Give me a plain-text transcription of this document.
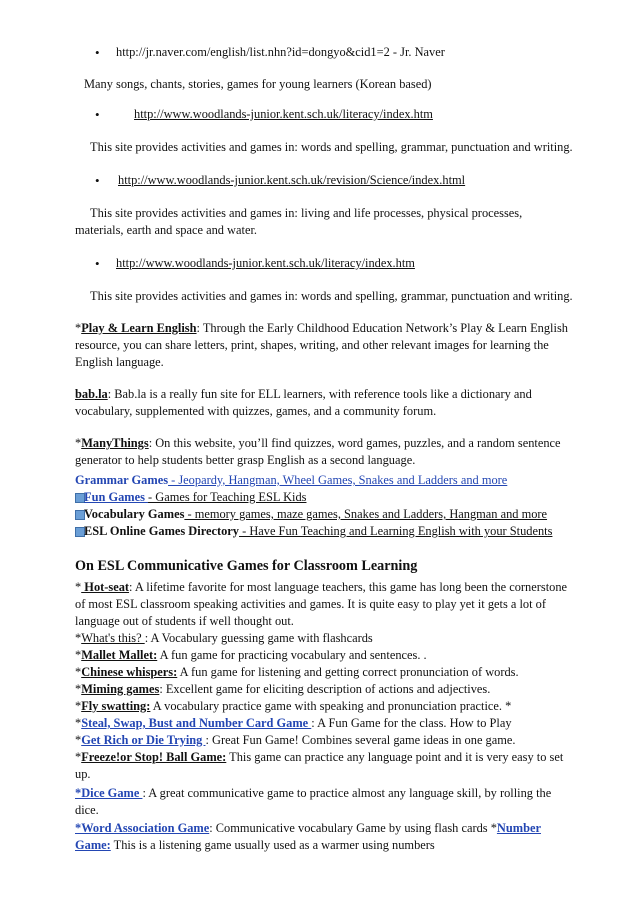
• http://jr.naver.com/english/list.nhn?id=dongyo&cid1=2 - Jr. Naver
Many songs, chants, stories, games for young learners (Korean based)
•	http://www.woodlands-junior.kent.sch.uk/literacy/index.htm
This site provides activities and games in: words and spelling, grammar, punctuation and writing.
• http://www.woodlands-junior.kent.sch.uk/revision/Science/index.html
This site provides activities and games in: living and life processes, physical processes,
materials, earth and space and water.
• http://www.woodlands-junior.kent.sch.uk/literacy/index.htm
This site provides activities and games in: words and spelling, grammar, punctuation and writing.
*Play & Learn English: Through the Early Childhood Education Network’s Play & Learn English
resource, you can share letters, print, shapes, writing, and other relevant images for learning the
English language.
bab.la: Bab.la is a really fun site for ELL learners, with reference tools like a dictionary and
vocabulary, supplemented with quizzes, games, and a community forum.
*ManyThings: On this website, you’ll find quizzes, word games, puzzles, and a random sentence
generator to help students better grasp English as a second language.
Grammar Games - Jeopardy, Hangman, Wheel Games, Snakes and Ladders and more
Fun Games - Games for Teaching ESL Kids
Vocabulary Games - memory games, maze games, Snakes and Ladders, Hangman and more
ESL Online Games Directory - Have Fun Teaching and Learning English with your Students
On ESL Communicative Games for Classroom Learning
* Hot-seat: A lifetime favorite for most language teachers, this game has long been the cornerstone
of most ESL classroom speaking activities and games. It is quite easy to play yet it gets a lot of
language out of students if well thought out.
*What's this? : A Vocabulary guessing game with flashcards
*Mallet Mallet: A fun game for practicing vocabulary and sentences. .
*Chinese whispers: A fun game for listening and getting correct pronunciation of words.
*Miming games: Excellent game for eliciting description of actions and adjectives.
*Fly swatting: A vocabulary practice game with speaking and pronunciation practice. *
*Steal, Swap, Bust and Number Card Game : A Fun Game for the class. How to Play
*Get Rich or Die Trying : Great Fun Game! Combines several game ideas in one game.
*Freeze!or Stop! Ball Game: This game can practice any language point and it is very easy to set
up.
*Dice Game : A great communicative game to practice almost any language skill, by rolling the
dice.
*Word Association Game: Communicative vocabulary Game by using flash cards *Number
Game: This is a listening game usually used as a warmer using numbers
